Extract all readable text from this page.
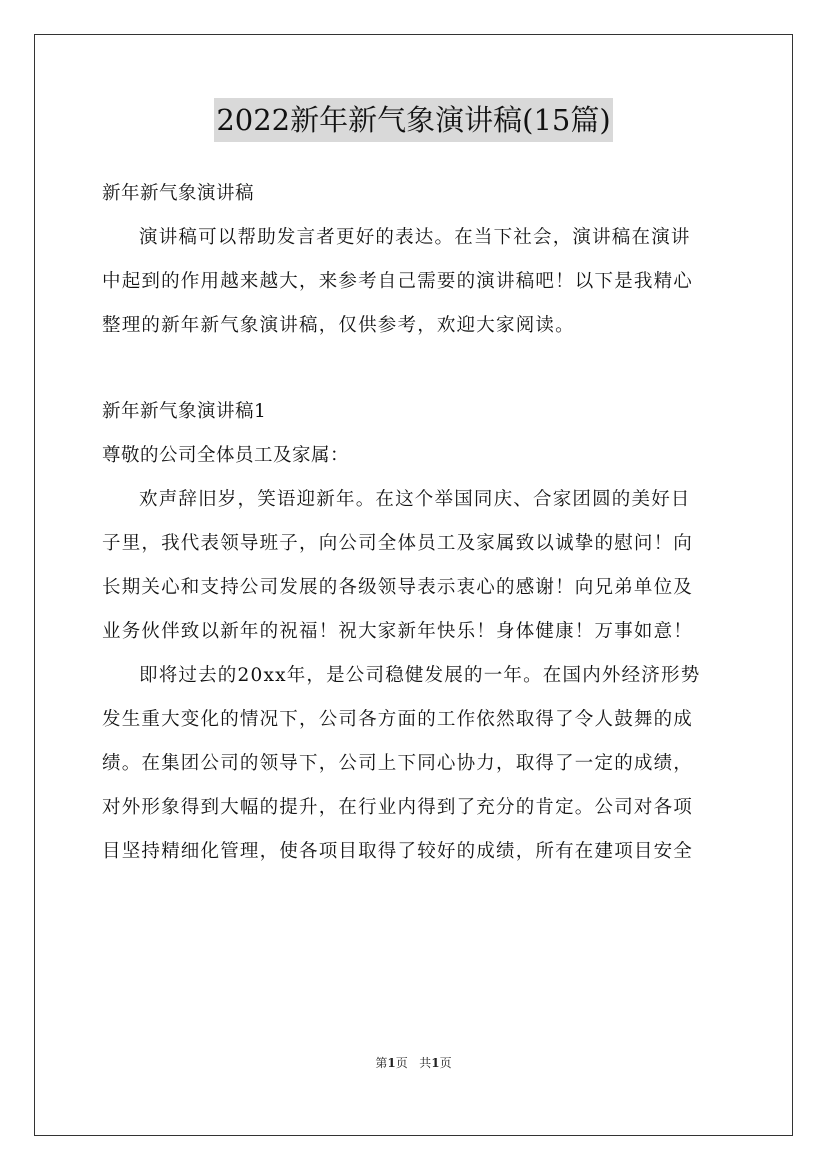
2022新年新气象演讲稿(15篇)

新年新气象演讲稿

演讲稿可以帮助发言者更好的表达。在当下社会，演讲稿在演讲

中起到的作用越来越大，来参考自己需要的演讲稿吧！以下是我精心

整理的新年新气象演讲稿，仅供参考，欢迎大家阅读。

新年新气象演讲稿1

尊敬的公司全体员工及家属：

欢声辞旧岁，笑语迎新年。在这个举国同庆、合家团圆的美好日

子里，我代表领导班子，向公司全体员工及家属致以诚挚的慰问！向

长期关心和支持公司发展的各级领导表示衷心的感谢！向兄弟单位及

业务伙伴致以新年的祝福！祝大家新年快乐！身体健康！万事如意！

即将过去的20xx年，是公司稳健发展的一年。在国内外经济形势

发生重大变化的情况下，公司各方面的工作依然取得了令人鼓舞的成

绩。在集团公司的领导下，公司上下同心协力，取得了一定的成绩，

对外形象得到大幅的提升，在行业内得到了充分的肯定。公司对各项

目坚持精细化管理，使各项目取得了较好的成绩，所有在建项目安全

第1页 共1页
